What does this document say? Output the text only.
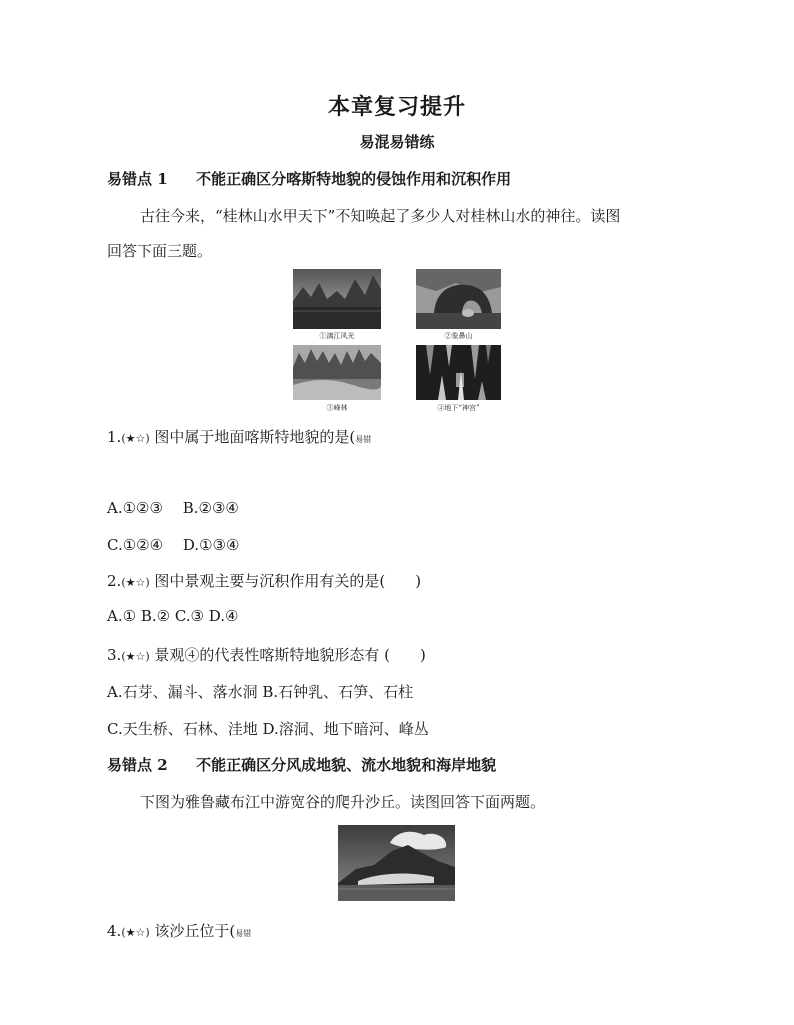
本章复习提升
易混易错练
易错点 1 不能正确区分喀斯特地貌的侵蚀作用和沉积作用
古往今来，“桂林山水甲天下”不知唤起了多少人对桂林山水的神往。读图
回答下面三题。
①漓江风光	②象鼻山
③峰林	④地下“神宫”
1.(★☆) 图中属于地面喀斯特地貌的是(易错
A.①②③　 B.②③④
C.①②④　 D.①③④
2.(★☆) 图中景观主要与沉积作用有关的是(　　)
A.① B.② C.③ D.④
3.(★☆) 景观④的代表性喀斯特地貌形态有 (　　)
A.石芽、漏斗、落水洞 B.石钟乳、石笋、石柱
C.天生桥、石林、洼地 D.溶洞、地下暗河、峰丛
易错点 2 不能正确区分风成地貌、流水地貌和海岸地貌
下图为雅鲁藏布江中游宽谷的爬升沙丘。读图回答下面两题。
4.(★☆) 该沙丘位于(易错
